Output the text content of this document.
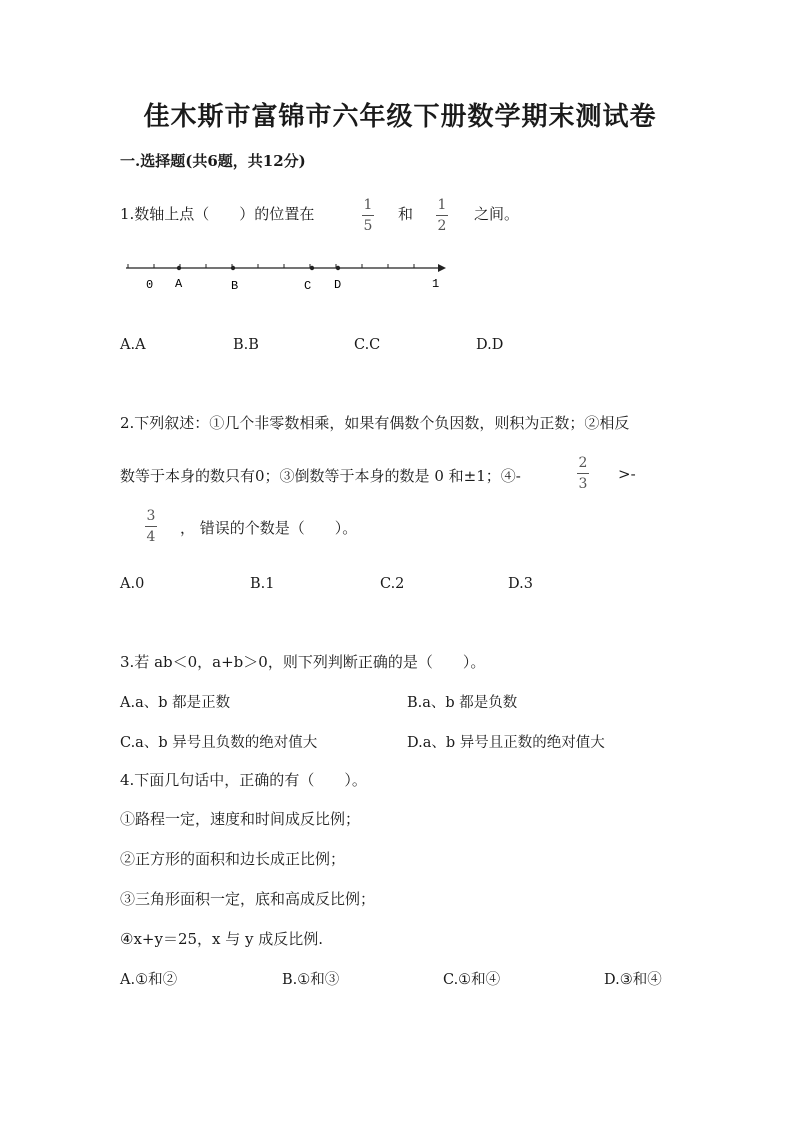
佳木斯市富锦市六年级下册数学期末测试卷
一.选择题(共6题，共12分)
1.数轴上点（　　）的位置在	1
5
和 1
2
之间。
0 A	B	C D	1
A.A	B.B	C.C	D.D
2.下列叙述：①几个非零数相乘，如果有偶数个负因数，则积为正数；②相反
数等于本身的数只有0；③倒数等于本身的数是 0 和±1；④-
2
3
>-
3
4 ， 错误的个数是（　　）。
A.0	B.1	C.2	D.3
3.若 ab＜0，a+b＞0，则下列判断正确的是（　　）。
A.a、b 都是正数	B.a、b 都是负数
C.a、b 异号且负数的绝对值大	D.a、b 异号且正数的绝对值大
4.下面几句话中，正确的有（　　）。
①路程一定，速度和时间成反比例；
②正方形的面积和边长成正比例；
③三角形面积一定，底和高成反比例；
④x+y＝25，x 与 y 成反比例.
A.①和②	B.①和③	C.①和④	D.③和④
